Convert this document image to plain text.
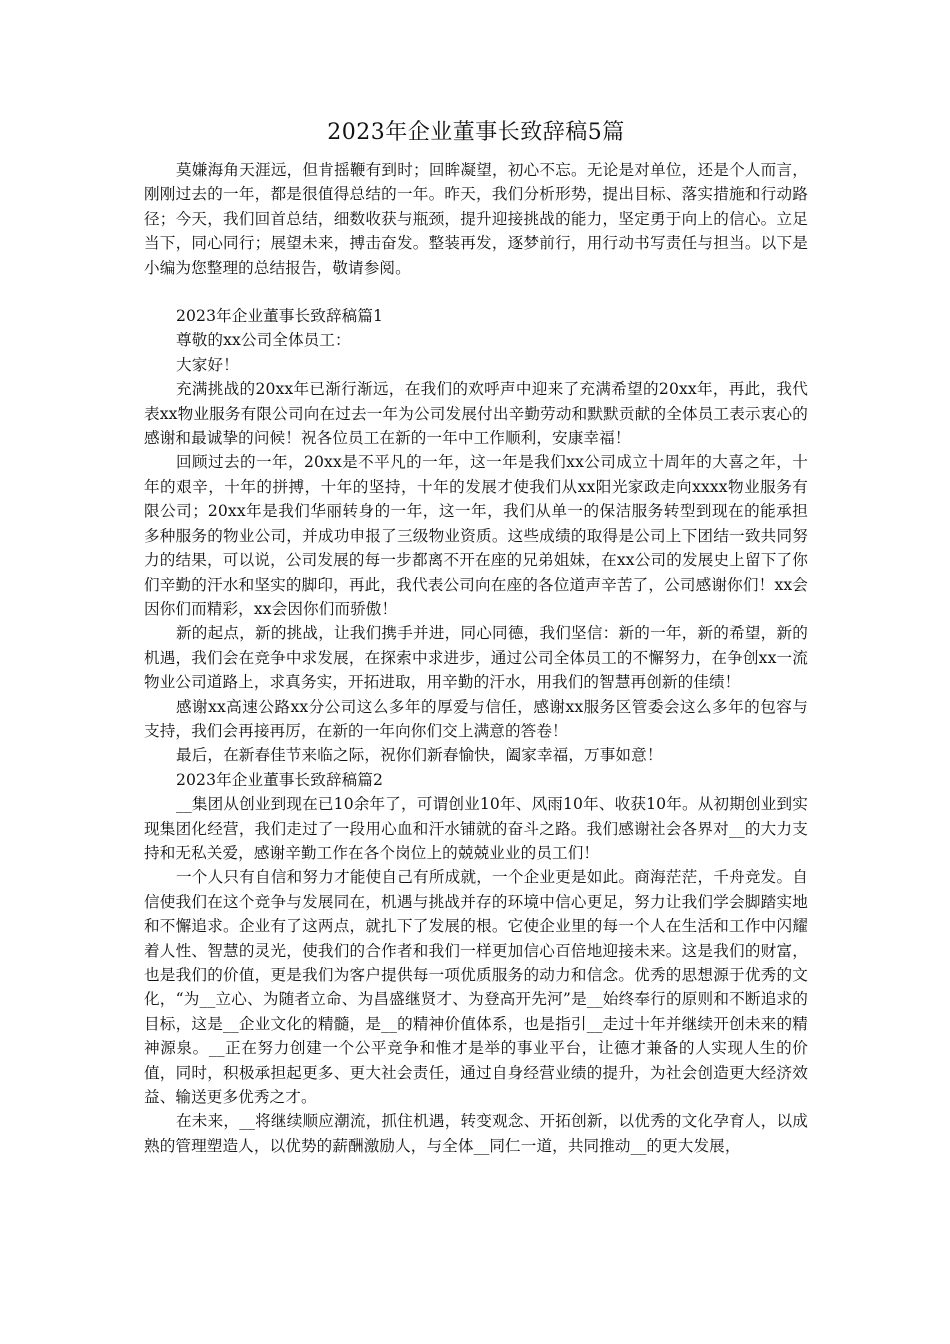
2023年企业董事长致辞稿5篇

莫嫌海角天涯远，但肯摇鞭有到时；回眸凝望，初心不忘。无论是对单位，还是个人而言，刚刚过去的一年，都是很值得总结的一年。昨天，我们分析形势，提出目标、落实措施和行动路径；今天，我们回首总结，细数收获与瓶颈，提升迎接挑战的能力，坚定勇于向上的信心。立足当下，同心同行；展望未来，搏击奋发。整装再发，逐梦前行，用行动书写责任与担当。以下是小编为您整理的总结报告，敬请参阅。

2023年企业董事长致辞稿篇1

尊敬的xx公司全体员工：

大家好！

充满挑战的20xx年已渐行渐远，在我们的欢呼声中迎来了充满希望的20xx年，再此，我代表xx物业服务有限公司向在过去一年为公司发展付出辛勤劳动和默默贡献的全体员工表示衷心的感谢和最诚挚的问候！祝各位员工在新的一年中工作顺利，安康幸福！

回顾过去的一年，20xx是不平凡的一年，这一年是我们xx公司成立十周年的大喜之年，十年的艰辛，十年的拼搏，十年的坚持，十年的发展才使我们从xx阳光家政走向xxxx物业服务有限公司；20xx年是我们华丽转身的一年，这一年，我们从单一的保洁服务转型到现在的能承担多种服务的物业公司，并成功申报了三级物业资质。这些成绩的取得是公司上下团结一致共同努力的结果，可以说，公司发展的每一步都离不开在座的兄弟姐妹，在xx公司的发展史上留下了你们辛勤的汗水和坚实的脚印，再此，我代表公司向在座的各位道声辛苦了，公司感谢你们！xx会因你们而精彩，xx会因你们而骄傲！

新的起点，新的挑战，让我们携手并进，同心同德，我们坚信：新的一年，新的希望，新的机遇，我们会在竞争中求发展，在探索中求进步，通过公司全体员工的不懈努力，在争创xx一流物业公司道路上，求真务实，开拓进取，用辛勤的汗水，用我们的智慧再创新的佳绩！

感谢xx高速公路xx分公司这么多年的厚爱与信任，感谢xx服务区管委会这么多年的包容与支持，我们会再接再厉，在新的一年向你们交上满意的答卷！

最后，在新春佳节来临之际，祝你们新春愉快，阖家幸福，万事如意！

2023年企业董事长致辞稿篇2

__集团从创业到现在已10余年了，可谓创业10年、风雨10年、收获10年。从初期创业到实现集团化经营，我们走过了一段用心血和汗水铺就的奋斗之路。我们感谢社会各界对__的大力支持和无私关爱，感谢辛勤工作在各个岗位上的兢兢业业的员工们！

一个人只有自信和努力才能使自己有所成就，一个企业更是如此。商海茫茫，千舟竞发。自信使我们在这个竞争与发展同在，机遇与挑战并存的环境中信心更足，努力让我们学会脚踏实地和不懈追求。企业有了这两点，就扎下了发展的根。它使企业里的每一个人在生活和工作中闪耀着人性、智慧的灵光，使我们的合作者和我们一样更加信心百倍地迎接未来。这是我们的财富，也是我们的价值，更是我们为客户提供每一项优质服务的动力和信念。优秀的思想源于优秀的文化，“为__立心、为随者立命、为昌盛继贤才、为登高开先河”是__始终奉行的原则和不断追求的目标，这是__企业文化的精髓，是__的精神价值体系，也是指引__走过十年并继续开创未来的精神源泉。__正在努力创建一个公平竞争和惟才是举的事业平台，让德才兼备的人实现人生的价值，同时，积极承担起更多、更大社会责任，通过自身经营业绩的提升，为社会创造更大经济效益、输送更多优秀之才。

在未来，__将继续顺应潮流，抓住机遇，转变观念、开拓创新，以优秀的文化孕育人，以成熟的管理塑造人，以优势的薪酬激励人，与全体__同仁一道，共同推动__的更大发展，
